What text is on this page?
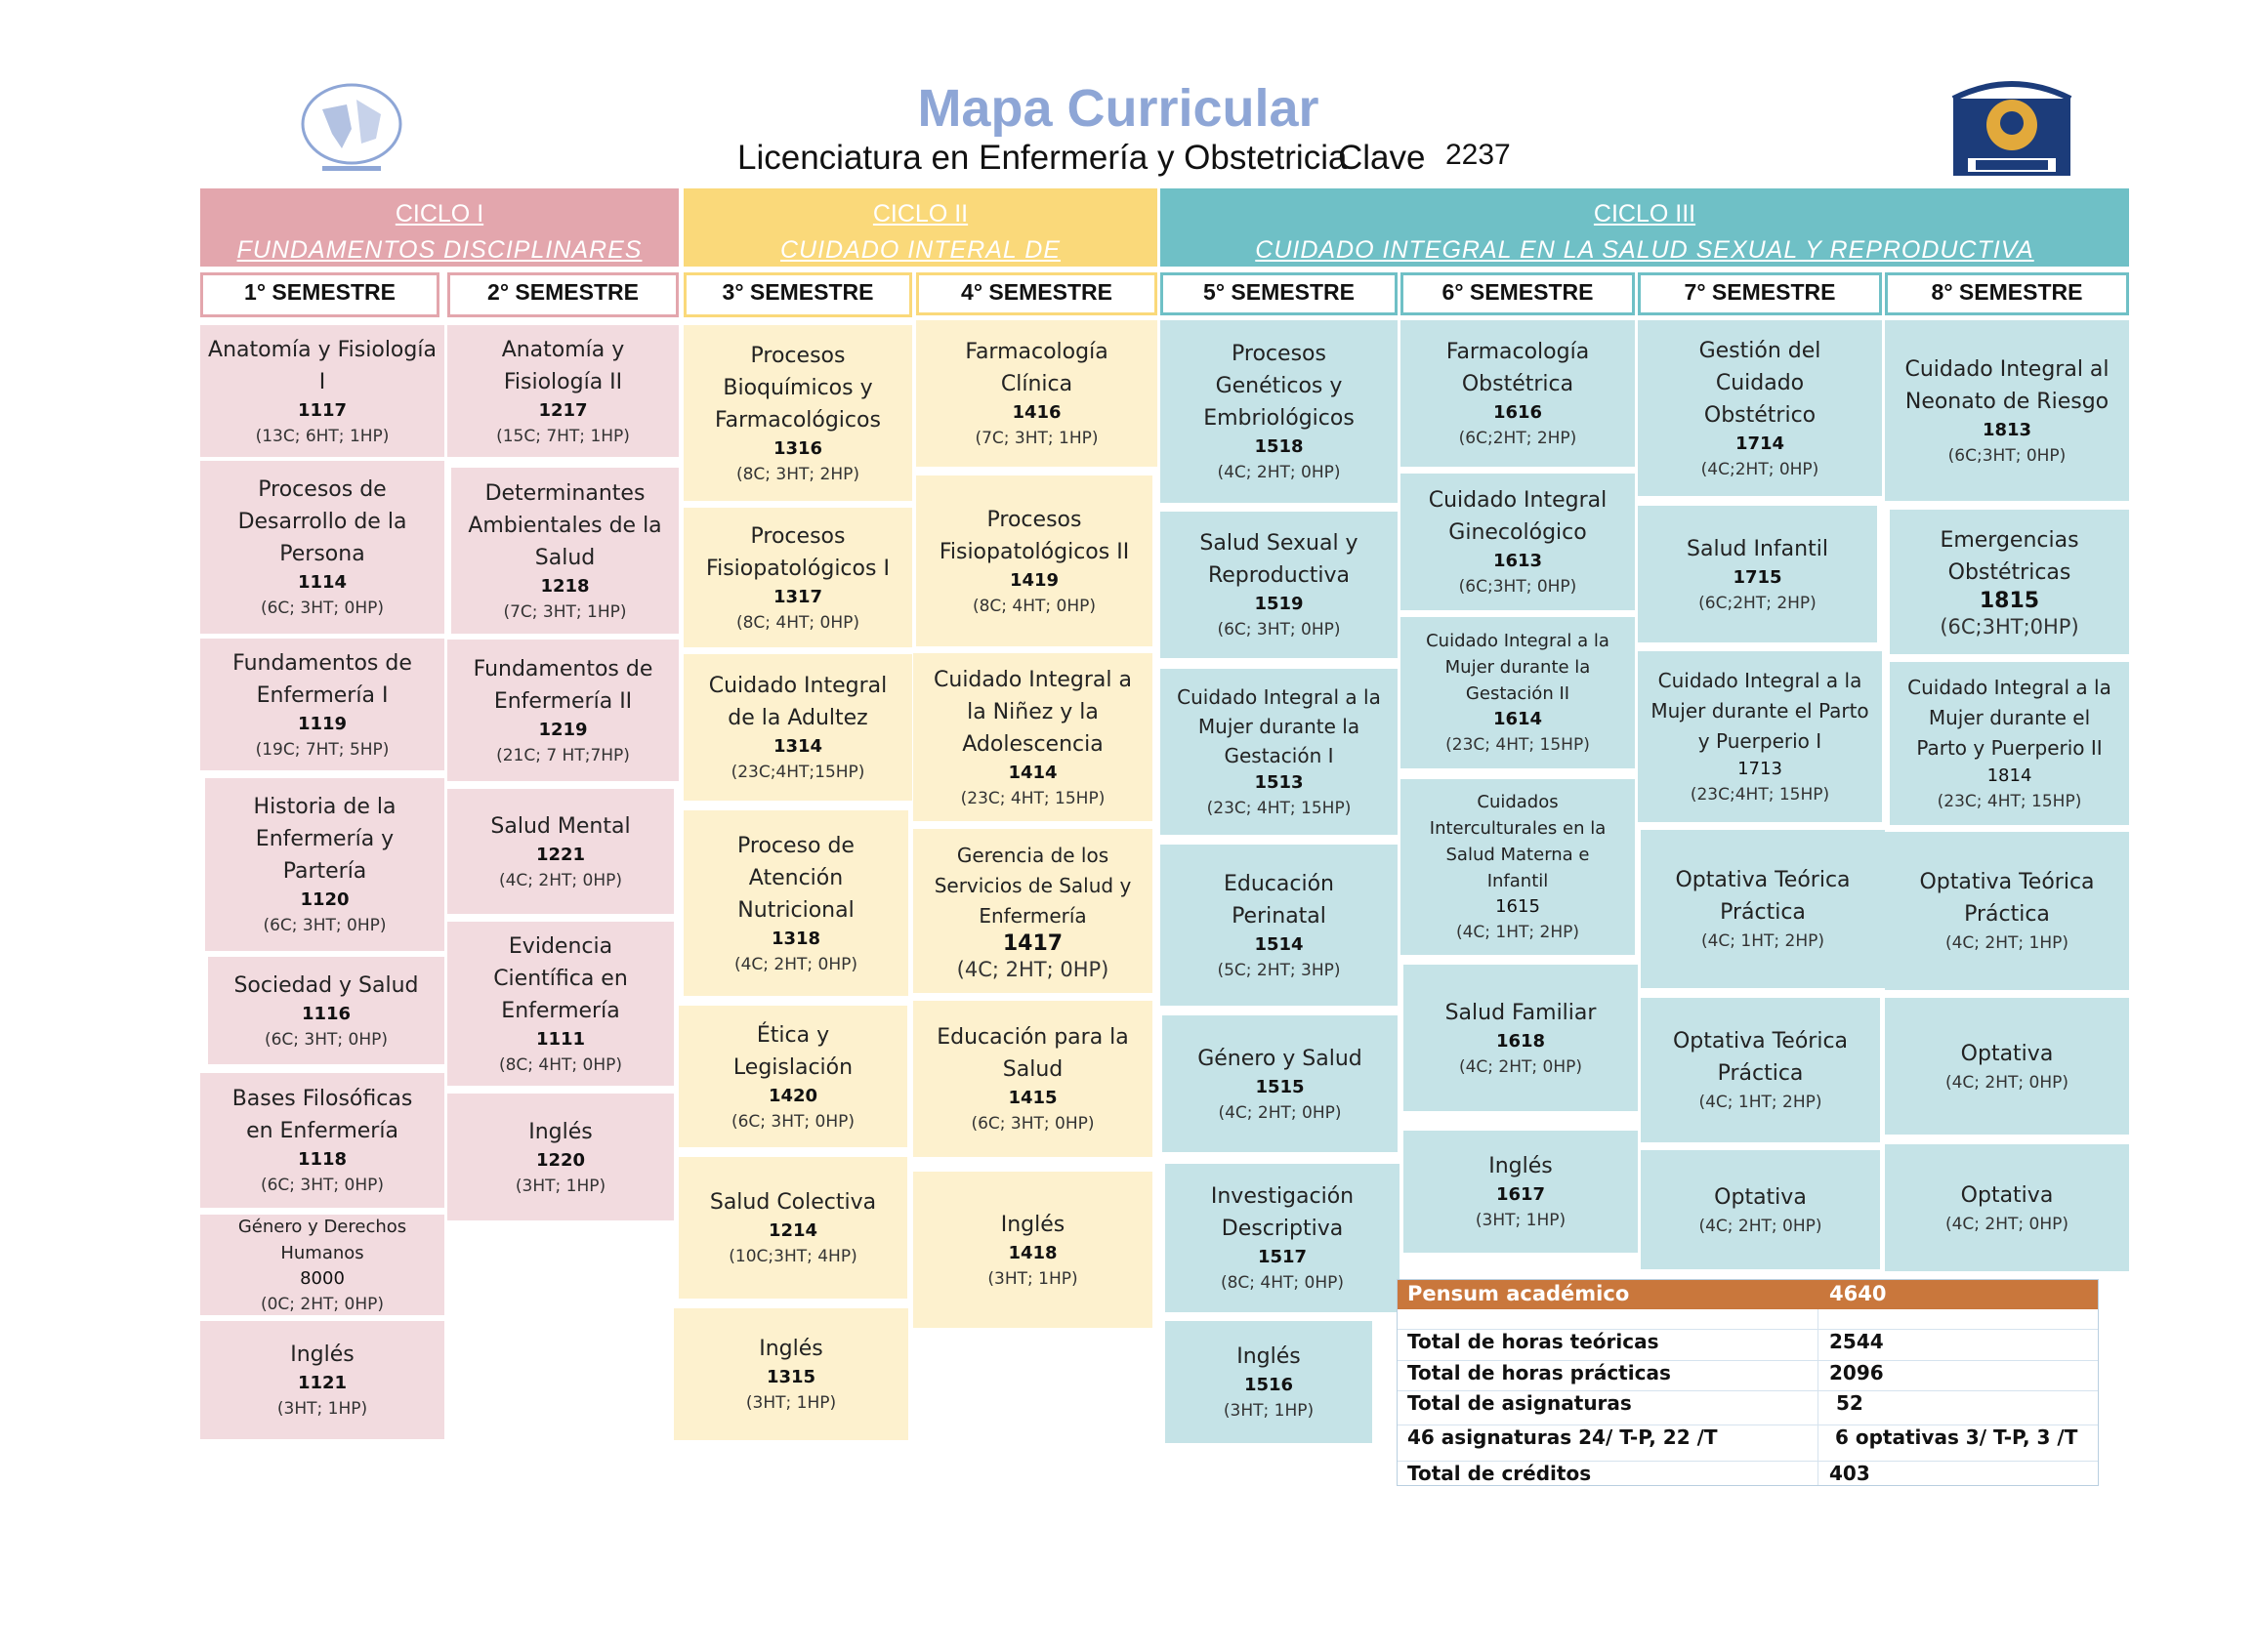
Mapa Curricular
Licenciatura en Enfermería y Obstetricia
Clave 2237
CICLO I
FUNDAMENTOS DISCIPLINARES
CICLO II
CUIDADO INTERAL DE
CICLO III
CUIDADO INTEGRAL EN LA SALUD SEXUAL Y REPRODUCTIVA
1° SEMESTRE	2° SEMESTRE	3° SEMESTRE	4° SEMESTRE	5° SEMESTRE	6° SEMESTRE	7° SEMESTRE	8° SEMESTRE
Anatomía y Fisiología I
1117
(13C; 6HT; 1HP)
Procesos de Desarrollo de la Persona
1114
(6C; 3HT; 0HP)
Fundamentos de Enfermería I
1119
(19C; 7HT; 5HP)
Historia de la Enfermería y Partería
1120
(6C; 3HT; 0HP)
Sociedad y Salud
1116
(6C; 3HT; 0HP)
Bases Filosóficas en Enfermería
1118
(6C; 3HT; 0HP)
Género y Derechos Humanos
8000
(0C; 2HT; 0HP)
Inglés
1121
(3HT; 1HP)
Anatomía y Fisiología II
1217
(15C; 7HT; 1HP)
Determinantes Ambientales de la Salud
1218
(7C; 3HT; 1HP)
Fundamentos de Enfermería II
1219
(21C; 7 HT;7HP)
Salud Mental
1221
(4C; 2HT; 0HP)
Evidencia Científica en Enfermería
1111
(8C; 4HT; 0HP)
Inglés
1220
(3HT; 1HP)
Procesos Bioquímicos y Farmacológicos
1316
(8C; 3HT; 2HP)
Procesos Fisiopatológicos I
1317
(8C; 4HT; 0HP)
Cuidado Integral de la Adultez
1314
(23C;4HT;15HP)
Proceso de Atención Nutricional
1318
(4C; 2HT; 0HP)
Ética y Legislación
1420
(6C; 3HT; 0HP)
Salud Colectiva
1214
(10C;3HT; 4HP)
Inglés
1315
(3HT; 1HP)
Farmacología Clínica
1416
(7C; 3HT; 1HP)
Procesos Fisiopatológicos II
1419
(8C; 4HT; 0HP)
Cuidado Integral a la Niñez y la Adolescencia
1414
(23C; 4HT; 15HP)
Gerencia de los Servicios de Salud y Enfermería
1417
(4C; 2HT; 0HP)
Educación para la Salud
1415
(6C; 3HT; 0HP)
Inglés
1418
(3HT; 1HP)
Procesos Genéticos y Embriológicos
1518
(4C; 2HT; 0HP)
Salud Sexual y Reproductiva
1519
(6C; 3HT; 0HP)
Cuidado Integral a la Mujer durante la Gestación I
1513
(23C; 4HT; 15HP)
Educación Perinatal
1514
(5C; 2HT; 3HP)
Género y Salud
1515
(4C; 2HT; 0HP)
Investigación Descriptiva
1517
(8C; 4HT; 0HP)
Inglés
1516
(3HT; 1HP)
Farmacología Obstétrica
1616
(6C;2HT; 2HP)
Cuidado Integral Ginecológico
1613
(6C;3HT; 0HP)
Cuidado Integral a la Mujer durante la Gestación II
1614
(23C; 4HT; 15HP)
Cuidados Interculturales en la Salud Materna e Infantil
1615
(4C; 1HT; 2HP)
Salud Familiar
1618
(4C; 2HT; 0HP)
Inglés
1617
(3HT; 1HP)
Gestión del Cuidado Obstétrico
1714
(4C;2HT; 0HP)
Salud Infantil
1715
(6C;2HT; 2HP)
Cuidado Integral a la Mujer durante el Parto y Puerperio I
1713
(23C;4HT; 15HP)
Optativa Teórica Práctica
(4C; 1HT; 2HP)
Optativa Teórica Práctica
(4C; 1HT; 2HP)
Optativa
(4C; 2HT; 0HP)
Cuidado Integral al Neonato de Riesgo
1813
(6C;3HT; 0HP)
Emergencias Obstétricas
1815
(6C;3HT;0HP)
Cuidado Integral a la Mujer durante el Parto y Puerperio II
1814
(23C; 4HT; 15HP)
Optativa Teórica Práctica
(4C; 2HT; 1HP)
Optativa
(4C; 2HT; 0HP)
Optativa
(4C; 2HT; 0HP)
Pensum académico	4640
Total de horas teóricas	2544
Total de horas prácticas	2096
Total de asignaturas	52
46 asignaturas 24/ T-P, 22 /T	6 optativas 3/ T-P, 3 /T
Total de créditos	403
